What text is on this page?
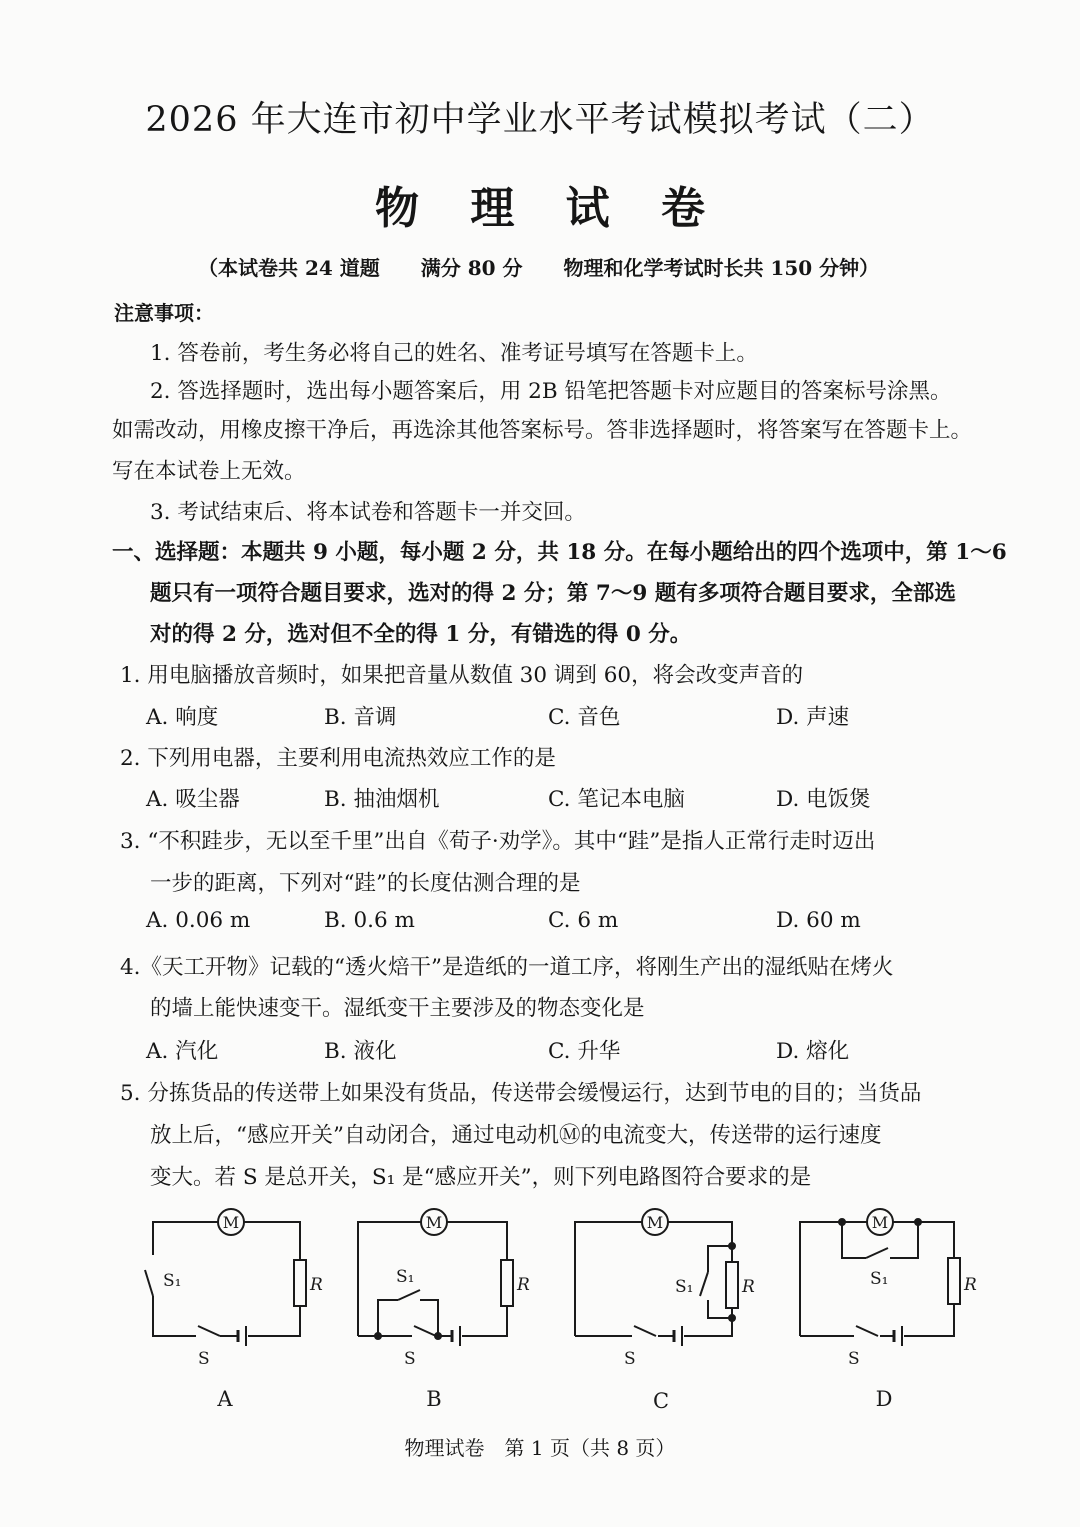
2026 年大连市初中学业水平考试模拟考试（二）
物 理 试 卷
（本试卷共 24 道题 满分 80 分 物理和化学考试时长共 150 分钟）
注意事项：
1. 答卷前，考生务必将自己的姓名、准考证号填写在答题卡上。
2. 答选择题时，选出每小题答案后，用 2B 铅笔把答题卡对应题目的答案标号涂黑。
如需改动，用橡皮擦干净后，再选涂其他答案标号。答非选择题时，将答案写在答题卡上。
写在本试卷上无效。
3. 考试结束后、将本试卷和答题卡一并交回。
一、选择题：本题共 9 小题，每小题 2 分，共 18 分。在每小题给出的四个选项中，第 1～6
题只有一项符合题目要求，选对的得 2 分；第 7～9 题有多项符合题目要求，全部选
对的得 2 分，选对但不全的得 1 分，有错选的得 0 分。
1. 用电脑播放音频时，如果把音量从数值 30 调到 60，将会改变声音的
A. 响度	B. 音调	C. 音色	D. 声速
2. 下列用电器，主要利用电流热效应工作的是
A. 吸尘器	B. 抽油烟机	C. 笔记本电脑	D. 电饭煲
3. “不积跬步，无以至千里”出自《荀子·劝学》。其中“跬”是指人正常行走时迈出
一步的距离，下列对“跬”的长度估测合理的是
A. 0.06 m	B. 0.6 m	C. 6 m	D. 60 m
4.《天工开物》记载的“透火焙干”是造纸的一道工序，将刚生产出的湿纸贴在烤火
的墙上能快速变干。湿纸变干主要涉及的物态变化是
A. 汽化	B. 液化	C. 升华	D. 熔化
5. 分拣货品的传送带上如果没有货品，传送带会缓慢运行，达到节电的目的；当货品
放上后，“感应开关”自动闭合，通过电动机Ⓜ的电流变大，传送带的运行速度
变大。若 S 是总开关，S₁ 是“感应开关”，则下列电路图符合要求的是
M
R
S₁
S
M
R
S₁
S
M
R
S₁
S
M
R
S₁
S
A	B	C	D
物理试卷　第 1 页（共 8 页）
